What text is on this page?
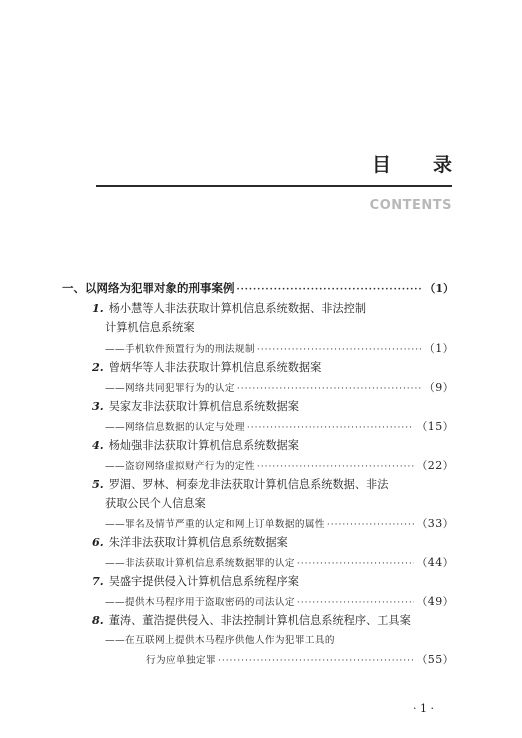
目 录
CONTENTS
一、以网络为犯罪对象的刑事案例 ·····	（1）
1. 杨小慧等人非法获取计算机信息系统数据、非法控制
计算机信息系统案
——手机软件预置行为的刑法规制 ·····	（1）
2. 曾炳华等人非法获取计算机信息系统数据案
——网络共同犯罪行为的认定 ·····	（9）
3. 吴家友非法获取计算机信息系统数据案
——网络信息数据的认定与处理 ·····	（15）
4. 杨灿强非法获取计算机信息系统数据案
——盗窃网络虚拟财产行为的定性 ·····	（22）
5. 罗湄、罗林、柯泰龙非法获取计算机信息系统数据、非法
获取公民个人信息案
——罪名及情节严重的认定和网上订单数据的属性 ·····	（33）
6. 朱洋非法获取计算机信息系统数据案
——非法获取计算机信息系统数据罪的认定 ·····	（44）
7. 吴盛宇提供侵入计算机信息系统程序案
——提供木马程序用于盗取密码的司法认定 ·····	（49）
8. 董涛、董浩提供侵入、非法控制计算机信息系统程序、工具案
——在互联网上提供木马程序供他人作为犯罪工具的
行为应单独定罪 ·····	（55）
· 1 ·
